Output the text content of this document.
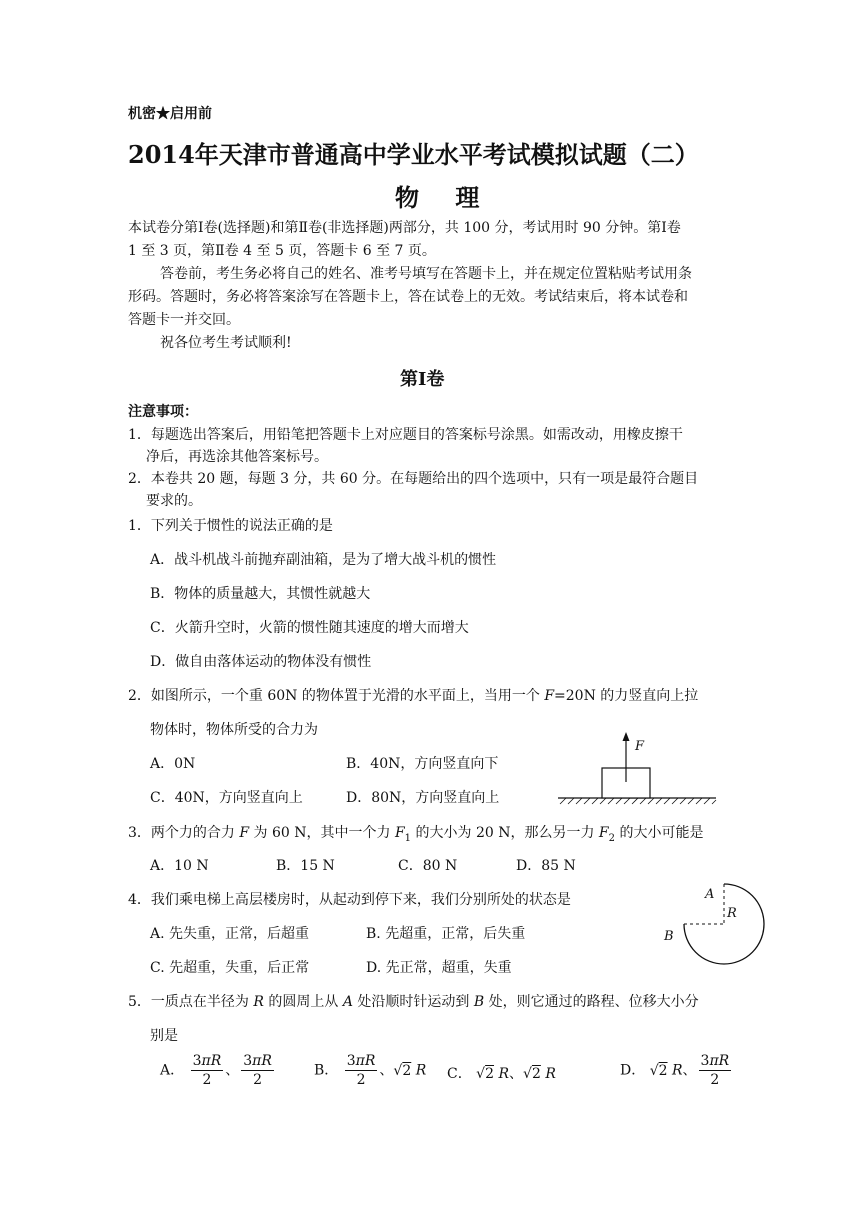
机密★启用前
2014年天津市普通高中学业水平考试模拟试题（二）
物 理
本试卷分第Ⅰ卷(选择题)和第Ⅱ卷(非选择题)两部分，共 100 分，考试用时 90 分钟。第Ⅰ卷
1 至 3 页，第Ⅱ卷 4 至 5 页，答题卡 6 至 7 页。
答卷前，考生务必将自己的姓名、准考号填写在答题卡上，并在规定位置粘贴考试用条
形码。答题时，务必将答案涂写在答题卡上，答在试卷上的无效。考试结束后，将本试卷和
答题卡一并交回。
祝各位考生考试顺利!
第Ⅰ卷
注意事项：
1．每题选出答案后，用铅笔把答题卡上对应题目的答案标号涂黑。如需改动，用橡皮擦干
净后，再选涂其他答案标号。
2．本卷共 20 题，每题 3 分，共 60 分。在每题给出的四个选项中，只有一项是最符合题目
要求的。
1．下列关于惯性的说法正确的是
A．战斗机战斗前抛弃副油箱，是为了增大战斗机的惯性
B．物体的质量越大，其惯性就越大
C．火箭升空时，火箭的惯性随其速度的增大而增大
D．做自由落体运动的物体没有惯性
2．如图所示，一个重 60N 的物体置于光滑的水平面上，当用一个 F=20N 的力竖直向上拉
物体时，物体所受的合力为
A．0N	B．40N，方向竖直向下
C．40N，方向竖直向上	D．80N，方向竖直向上
F
3．两个力的合力 F 为 60 N，其中一个力 $F_1$ 的大小为 20 N，那么另一力 $F_2$ 的大小可能是
A．10 N	B．15 N	C．80 N	D．85 N
4．我们乘电梯上高层楼房时，从起动到停下来，我们分别所处的状态是
A. 先失重，正常，后超重	B. 先超重，正常，后失重
C. 先超重，失重，后正常	D. 先正常，超重，失重
A
B
R
5．一质点在半径为 R 的圆周上从 A 处沿顺时针运动到 B 处，则它通过的路程、位移大小分
别是
A． $\frac{3\pi R}{2}$ 、 $\frac{3\pi R}{2}$	B． $\frac{3\pi R}{2}$ 、√2 R C． √2 R、√2 R	D． √2 R、 $\frac{3\pi R}{2}$
